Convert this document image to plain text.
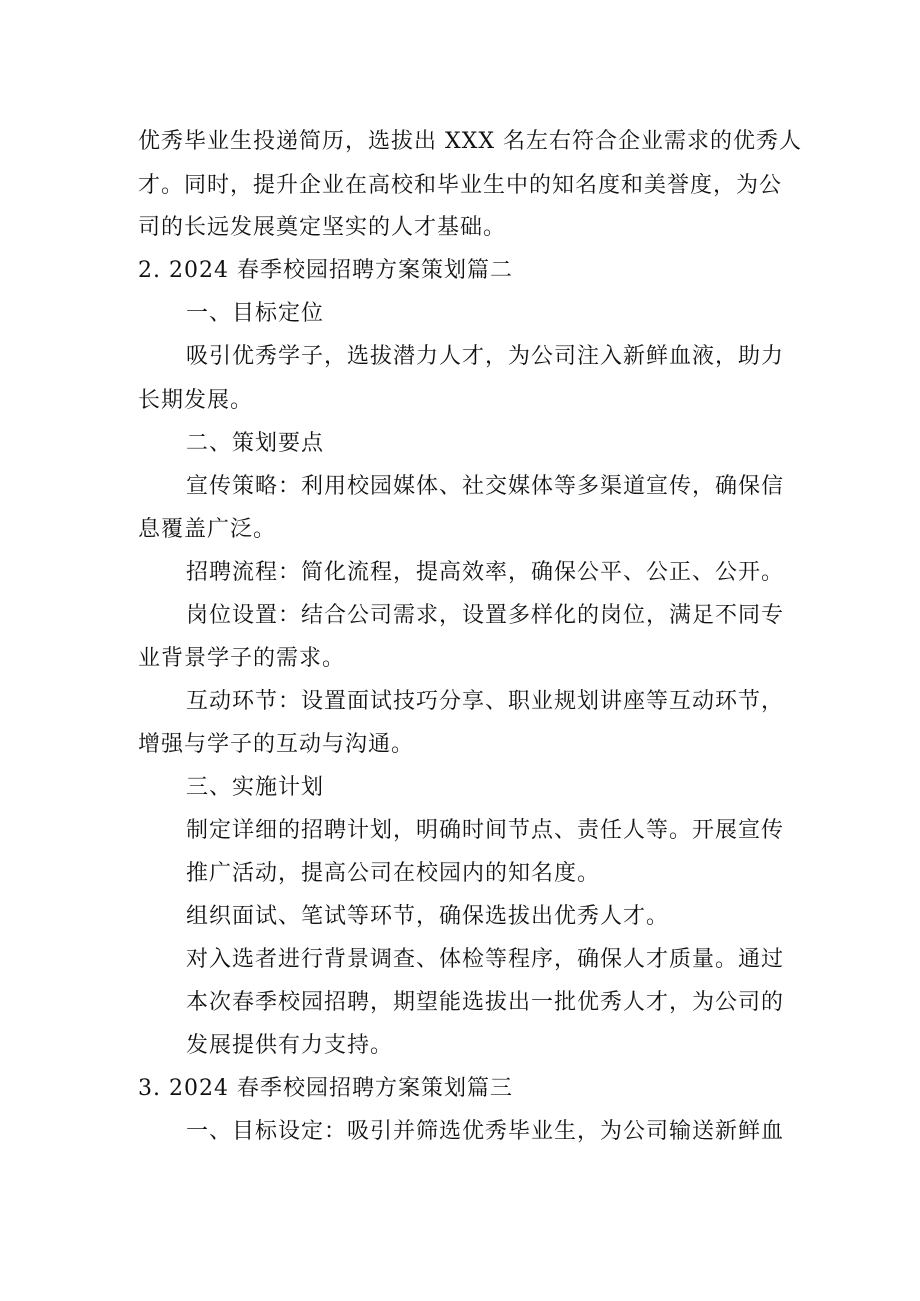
优秀毕业生投递简历，选拔出 XXX 名左右符合企业需求的优秀人
才。同时，提升企业在高校和毕业生中的知名度和美誉度，为公
司的长远发展奠定坚实的人才基础。
2. 2024 春季校园招聘方案策划篇二
一、目标定位
吸引优秀学子，选拔潜力人才，为公司注入新鲜血液，助力
长期发展。
二、策划要点
宣传策略：利用校园媒体、社交媒体等多渠道宣传，确保信
息覆盖广泛。
招聘流程：简化流程，提高效率，确保公平、公正、公开。
岗位设置：结合公司需求，设置多样化的岗位，满足不同专
业背景学子的需求。
互动环节：设置面试技巧分享、职业规划讲座等互动环节，
增强与学子的互动与沟通。
三、实施计划
制定详细的招聘计划，明确时间节点、责任人等。开展宣传
推广活动，提高公司在校园内的知名度。
组织面试、笔试等环节，确保选拔出优秀人才。
对入选者进行背景调查、体检等程序，确保人才质量。通过
本次春季校园招聘，期望能选拔出一批优秀人才，为公司的
发展提供有力支持。
3. 2024 春季校园招聘方案策划篇三
一、目标设定：吸引并筛选优秀毕业生，为公司输送新鲜血
